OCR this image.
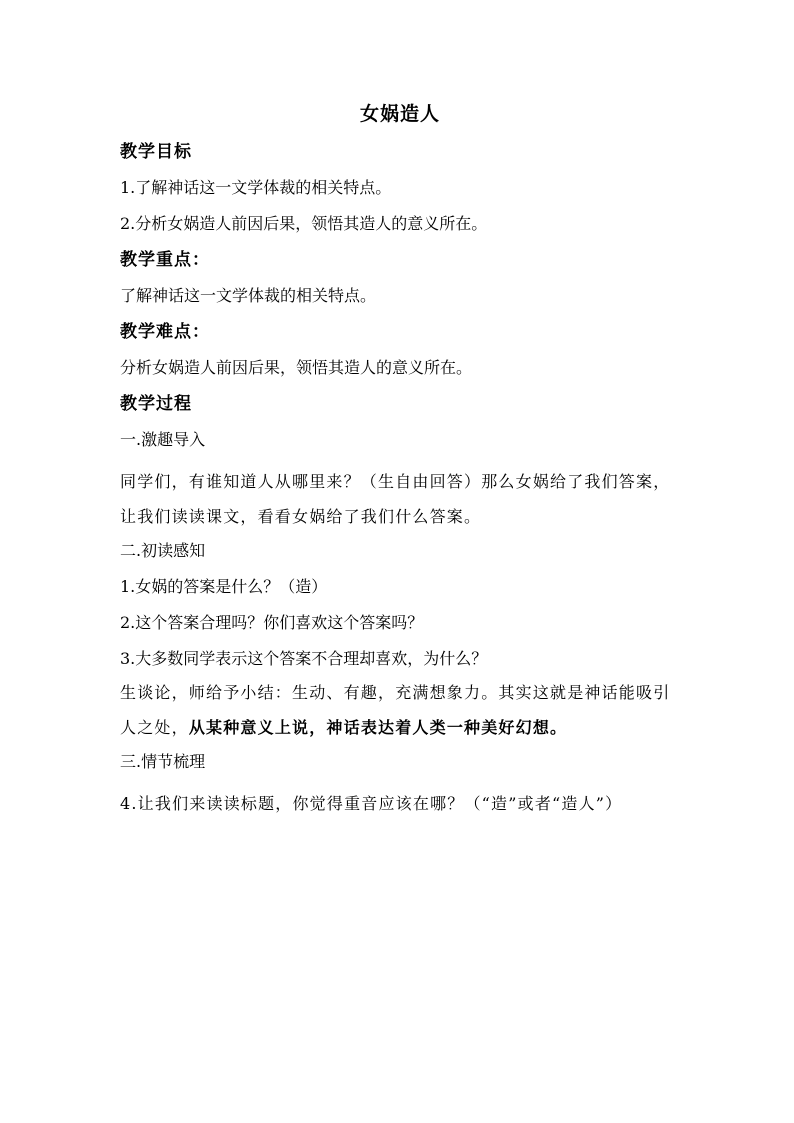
女娲造人
教学目标
1.了解神话这一文学体裁的相关特点。
2.分析女娲造人前因后果，领悟其造人的意义所在。
教学重点：
了解神话这一文学体裁的相关特点。
教学难点：
分析女娲造人前因后果，领悟其造人的意义所在。
教学过程
一.激趣导入
同学们，有谁知道人从哪里来？（生自由回答）那么女娲给了我们答案，让我们读读课文，看看女娲给了我们什么答案。
二.初读感知
1.女娲的答案是什么？（造）
2.这个答案合理吗？你们喜欢这个答案吗？
3.大多数同学表示这个答案不合理却喜欢，为什么？
生谈论，师给予小结：生动、有趣，充满想象力。其实这就是神话能吸引人之处，从某种意义上说，神话表达着人类一种美好幻想。
三.情节梳理
4.让我们来读读标题，你觉得重音应该在哪？（“造”或者“造人”）
